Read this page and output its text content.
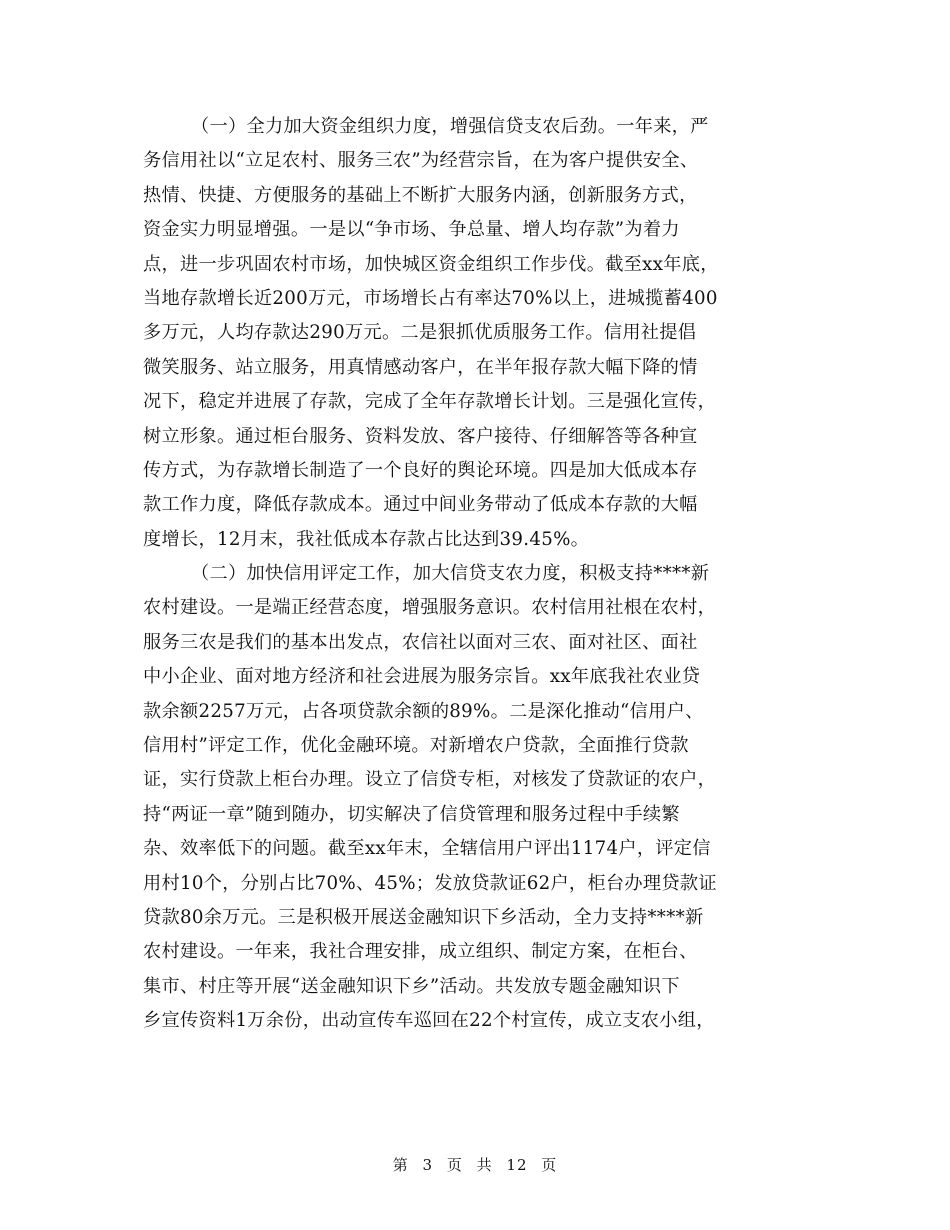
（一）全力加大资金组织力度，增强信贷支农后劲。一年来，严
务信用社以“立足农村、服务三农”为经营宗旨，在为客户提供安全、
热情、快捷、方便服务的基础上不断扩大服务内涵，创新服务方式，
资金实力明显增强。一是以“争市场、争总量、增人均存款”为着力
点，进一步巩固农村市场，加快城区资金组织工作步伐。截至xx年底，
当地存款增长近200万元，市场增长占有率达70%以上，进城揽蓄400
多万元，人均存款达290万元。二是狠抓优质服务工作。信用社提倡
微笑服务、站立服务，用真情感动客户，在半年报存款大幅下降的情
况下，稳定并进展了存款，完成了全年存款增长计划。三是强化宣传，
树立形象。通过柜台服务、资料发放、客户接待、仔细解答等各种宣
传方式，为存款增长制造了一个良好的舆论环境。四是加大低成本存
款工作力度，降低存款成本。通过中间业务带动了低成本存款的大幅
度增长，12月末，我社低成本存款占比达到39.45%。
（二）加快信用评定工作，加大信贷支农力度，积极支持****新
农村建设。一是端正经营态度，增强服务意识。农村信用社根在农村，
服务三农是我们的基本出发点，农信社以面对三农、面对社区、面社
中小企业、面对地方经济和社会进展为服务宗旨。xx年底我社农业贷
款余额2257万元，占各项贷款余额的89%。二是深化推动“信用户、
信用村”评定工作，优化金融环境。对新增农户贷款，全面推行贷款
证，实行贷款上柜台办理。设立了信贷专柜，对核发了贷款证的农户，
持“两证一章”随到随办，切实解决了信贷管理和服务过程中手续繁
杂、效率低下的问题。截至xx年末，全辖信用户评出1174户，评定信
用村10个，分别占比70%、45%；发放贷款证62户，柜台办理贷款证
贷款80余万元。三是积极开展送金融知识下乡活动，全力支持****新
农村建设。一年来，我社合理安排，成立组织、制定方案，在柜台、
集市、村庄等开展“送金融知识下乡”活动。共发放专题金融知识下
乡宣传资料1万余份，出动宣传车巡回在22个村宣传，成立支农小组，
第 3 页 共 12 页
